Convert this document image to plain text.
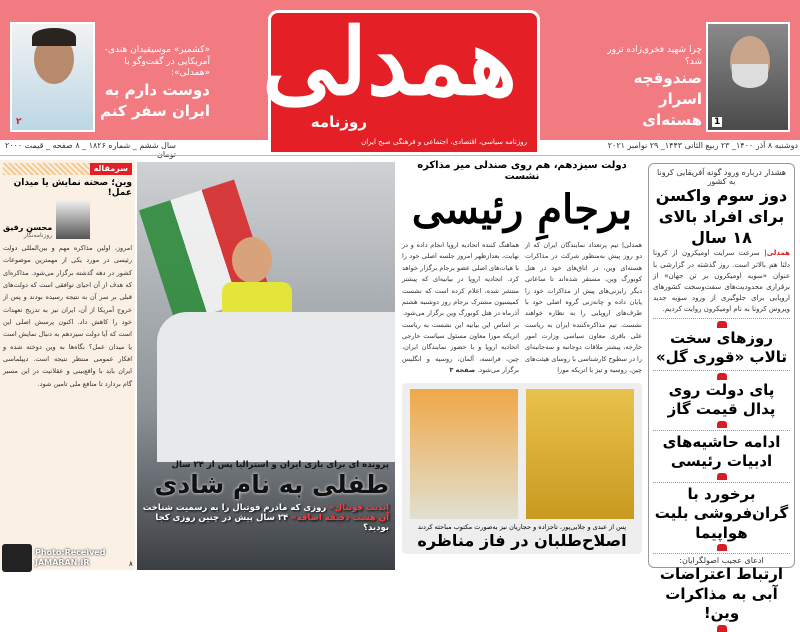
همدلی
روزنامه
روزنامه سیاسی، اقتصادی، اجتماعی و فرهنگی صبح ایران
۲
«کشمیر» موسیقیدان هندی-آمریکایی در گفت‌وگو با «همدلی»:
دوست دارم به ایران سفر کنم
1
چرا شهید فخری‌زاده ترور شد؟
صندوقچه اسرار هسته‌ای
سال ششم _ شماره ۱۸۲۶ _ ۸ صفحه _ قیمت ۲۰۰۰	دوشنبه ۸ آذر ۱۴۰۰_ ۲۳ ربیع الثانی ۱۴۴۳_ ۲۹ نوامبر ۲۰۲۱
سرمقاله
وین؛ صحنه نمایش یا میدان عمل!
محسن رفیق
روزنامه‌نگار
امروز، اولین مذاکره مهم و بین‌المللی دولت رئیسی در مورد یکی از مهمترین موضوعات کشور در دهه گذشته برگزار می‌شود. مذاکره‌ای که هدف از آن احیای توافقی است که دولت‌های قبلی بر سر آن به نتیجه رسیده بودند و پس از خروج آمریکا از آن، ایران نیز به تدریج تعهدات خود را کاهش داد. اکنون پرسش اصلی این است که آیا دولت سیزدهم به دنبال نمایش است یا میدان عمل؟ نگاه‌ها به وین دوخته شده و افکار عمومی منتظر نتیجه است. دیپلماسی ایران باید با واقع‌بینی و عقلانیت در این مسیر گام بردارد تا منافع ملی تامین شود.
پرونده ای برای بازی ایران و استرالیا پس از ۲۴ سال
طفلی به نام شادی
ابدیت فوتبال» روزی که مادرم فوتبال را به رسمیت شناخت
آن هشت دقیقه اضافه» ۲۴ سال پیش در چنین روزی کجا بودید؟
۸
دولت سیزدهم، هم روی صندلی میز مذاکره نشست
برجامِ رئیسی
همدلی| تیم پرتعداد نمایندگان ایران که از دو روز پیش به‌منظور شرکت در مذاکرات هسته‌ای وین، در اتاق‌های خود در هتل کوبورگ وین، مستقر شده‌اند تا ساعاتی دیگر رایزنی‌های پیش از مذاکرات خود را پایان داده و چانه‌زنی گروه اصلی خود با طرف‌های اروپایی را به نظاره خواهند نشست. تیم مذاکره‌کننده ایران به ریاست علی باقری معاون سیاسی وزارت امور خارجه، پیشتر ملاقات دوجانبه و سه‌جانبه‌ای را در سطوح کارشناسی با روسای هیئت‌های چین، روسیه و تیز با اتریکه مورا
هماهنگ کننده اتحادیه اروپا انجام داده و در نهایت، بعدازظهر امروز جلسه اصلی خود را با هیات‌های اصلی عضو برجام برگزار خواهد کرد. اتحادیه اروپا در بیانیه‌ای که پیشتر منتشر شده، اعلام کرده است که نشست کمیسیون مشترک برجام روز دوشنبه هشتم آذرماه در هتل کوبورگ وین برگزار می‌شود. بر اساس این بیانیه این نشست به ریاست انریکه مورا معاون مسئول سیاست خارجی اتحادیه اروپا و با حضور نمایندگان ایران، چین، فرانسه، آلمان، روسیه و انگلیس برگزار می‌شود. صفحه ۳
پس از عبدی و جلایی‌پور، تاجزاده و حجاریان نیز به‌صورت مکتوب مباحثه کردند
اصلاح‌طلبان در فاز مناظره
هشدار درباره ورود گونه آفریقایی کرونا به کشور
دوز سوم واکسن برای افراد بالای ۱۸ سال
همدلی| سرعت سرایت اومیکرون از کرونا دلتا هم بالاتر است. روز گذشته در گزارشی با عنوان «سویه اومیکرون بر تن جهان» از برقراری محدودیت‌های سفت‌وسخت کشورهای اروپایی برای جلوگیری از ورود سویه جدید ویروس کرونا به نام اومیکرون روایت کردیم.
روزهای سخت تالاب «قوری گل»
پای دولت روی پدال قیمت گاز
ادامه حاشیه‌های ادبیات رئیسی
برخورد با گران‌فروشی بلیت هواپیما
ادعای عجیب اصولگرایان:
ارتباط اعتراضات آبی به مذاکرات وین!
Photo:Received
JAMARAN.IR
